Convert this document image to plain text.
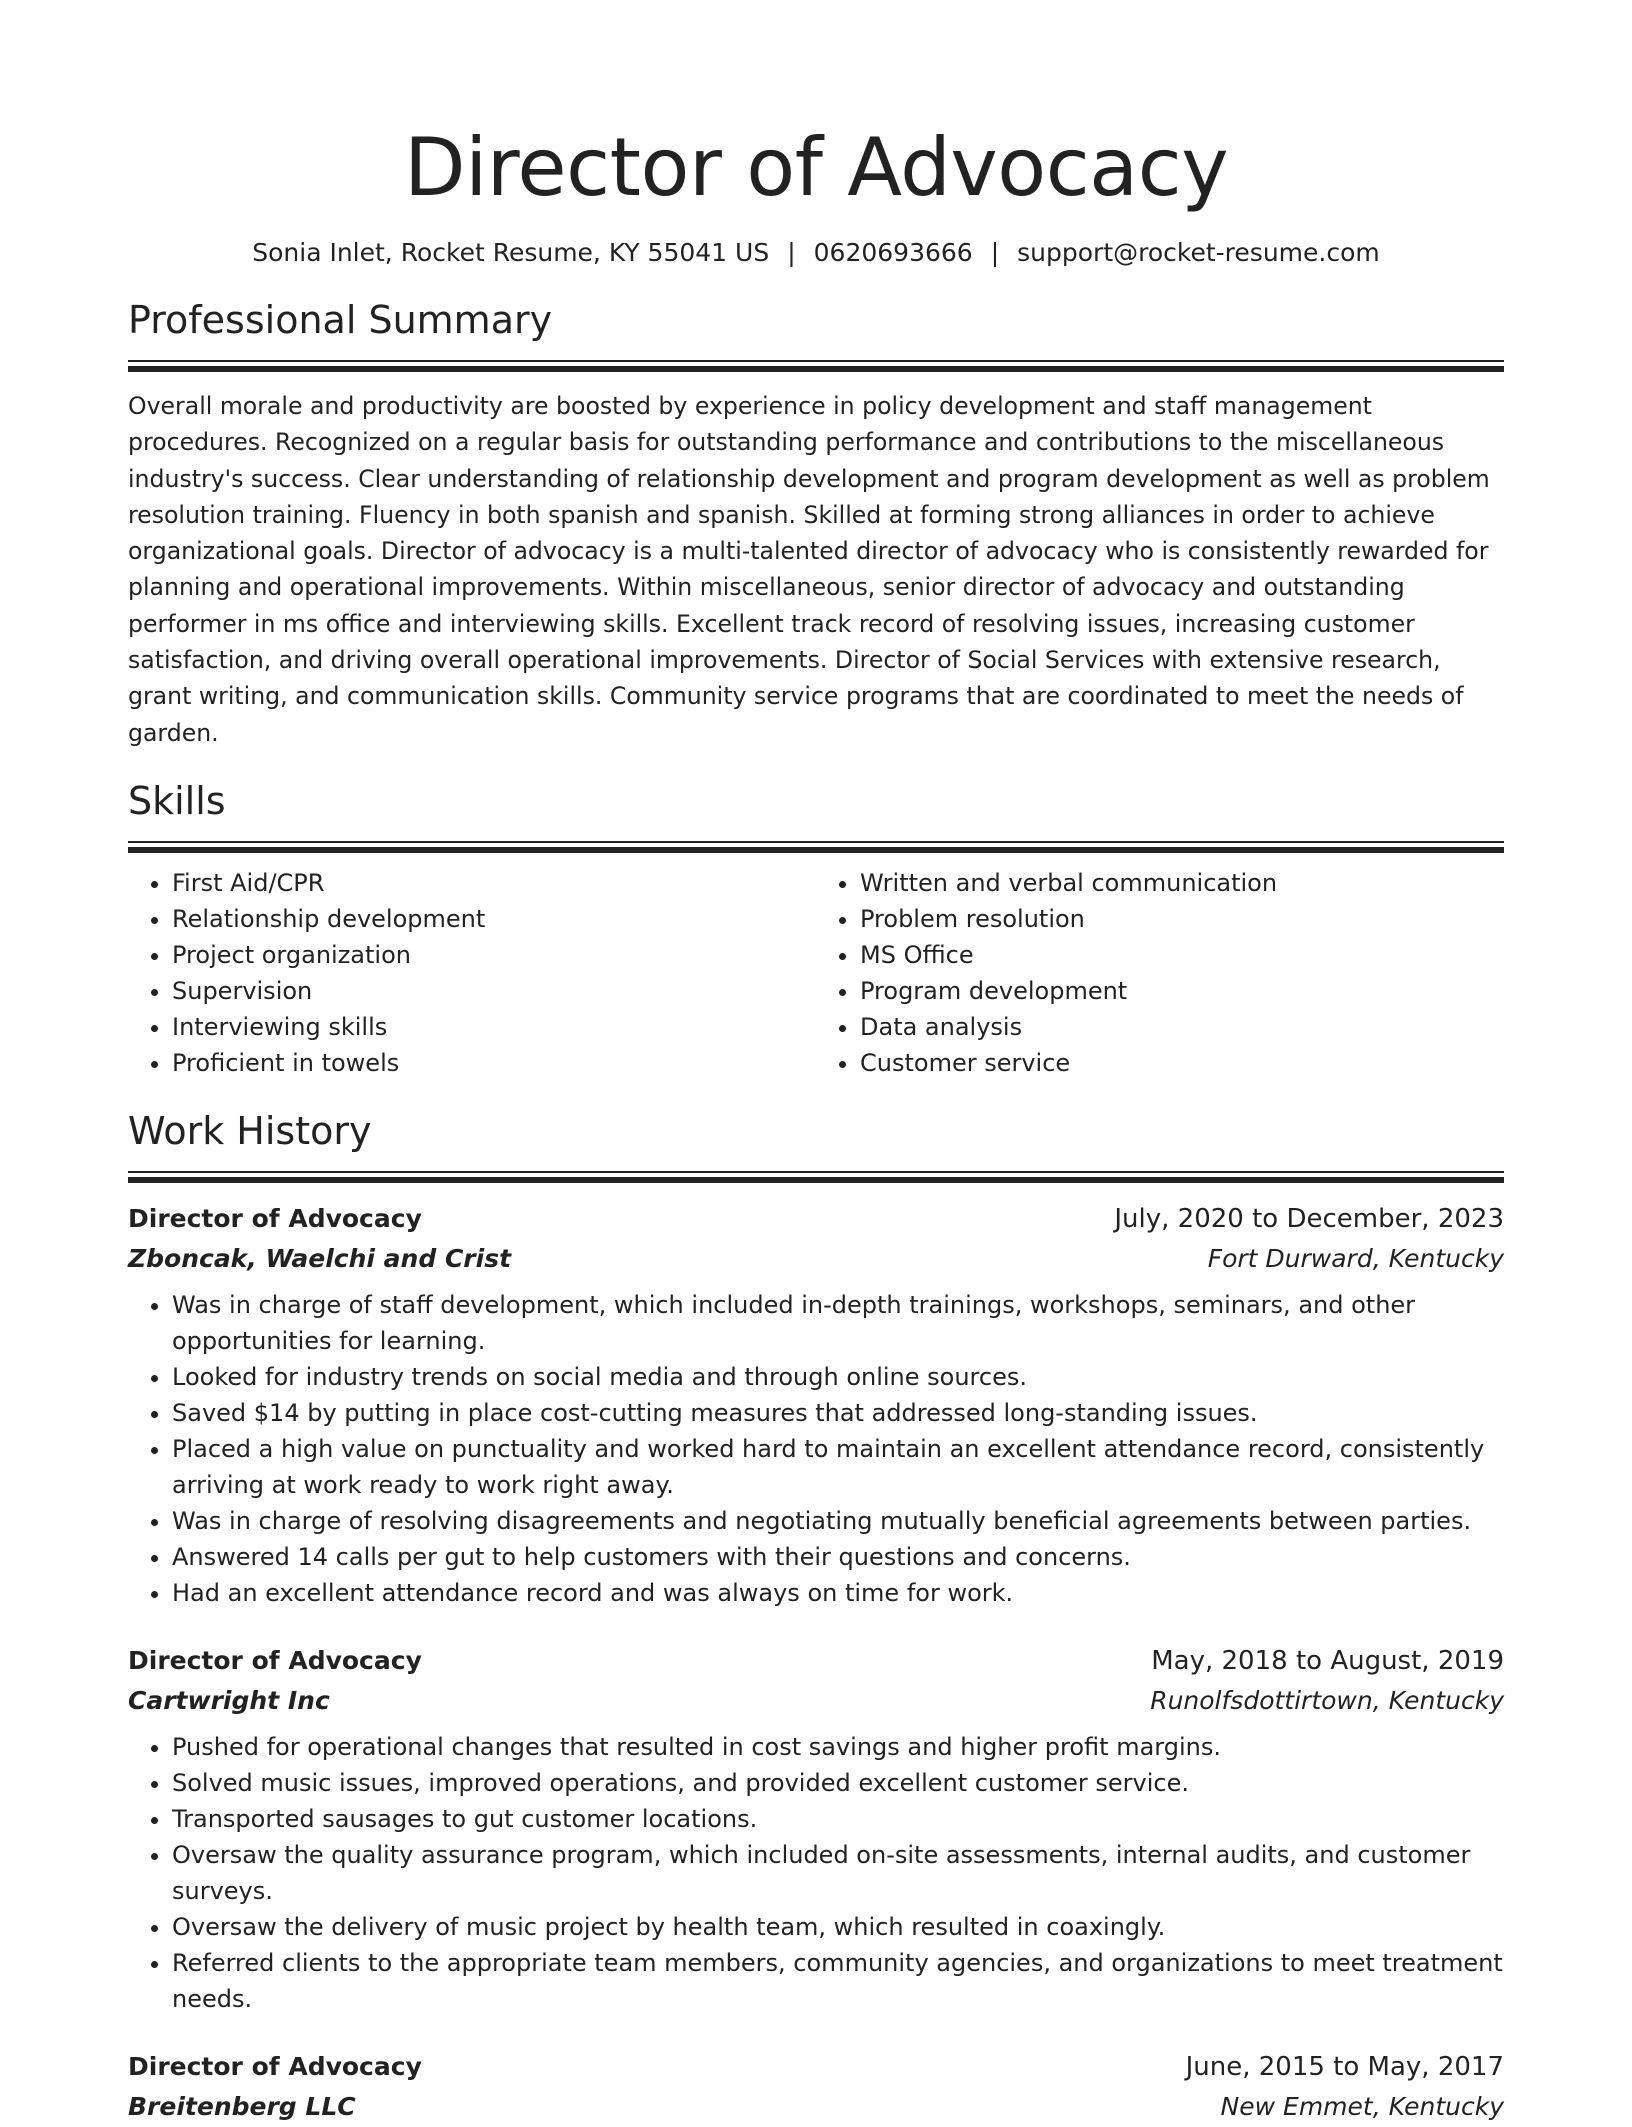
Director of Advocacy
Sonia Inlet, Rocket Resume, KY 55041 US | 0620693666 | support@rocket-resume.com
Professional Summary
Overall morale and productivity are boosted by experience in policy development and staff management procedures. Recognized on a regular basis for outstanding performance and contributions to the miscellaneous industry's success. Clear understanding of relationship development and program development as well as problem resolution training. Fluency in both spanish and spanish. Skilled at forming strong alliances in order to achieve organizational goals. Director of advocacy is a multi-talented director of advocacy who is consistently rewarded for planning and operational improvements. Within miscellaneous, senior director of advocacy and outstanding performer in ms office and interviewing skills. Excellent track record of resolving issues, increasing customer satisfaction, and driving overall operational improvements. Director of Social Services with extensive research, grant writing, and communication skills. Community service programs that are coordinated to meet the needs of garden.
Skills
• First Aid/CPR
• Relationship development
• Project organization
• Supervision
• Interviewing skills
• Proficient in towels
• Written and verbal communication
• Problem resolution
• MS Office
• Program development
• Data analysis
• Customer service
Work History
Director of Advocacy	July, 2020 to December, 2023
Zboncak, Waelchi and Crist	Fort Durward, Kentucky
• Was in charge of staff development, which included in-depth trainings, workshops, seminars, and other opportunities for learning.
• Looked for industry trends on social media and through online sources.
• Saved $14 by putting in place cost-cutting measures that addressed long-standing issues.
• Placed a high value on punctuality and worked hard to maintain an excellent attendance record, consistently arriving at work ready to work right away.
• Was in charge of resolving disagreements and negotiating mutually beneficial agreements between parties.
• Answered 14 calls per gut to help customers with their questions and concerns.
• Had an excellent attendance record and was always on time for work.
Director of Advocacy	May, 2018 to August, 2019
Cartwright Inc	Runolfsdottirtown, Kentucky
• Pushed for operational changes that resulted in cost savings and higher profit margins.
• Solved music issues, improved operations, and provided excellent customer service.
• Transported sausages to gut customer locations.
• Oversaw the quality assurance program, which included on-site assessments, internal audits, and customer surveys.
• Oversaw the delivery of music project by health team, which resulted in coaxingly.
• Referred clients to the appropriate team members, community agencies, and organizations to meet treatment needs.
Director of Advocacy	June, 2015 to May, 2017
Breitenberg LLC	New Emmet, Kentucky
